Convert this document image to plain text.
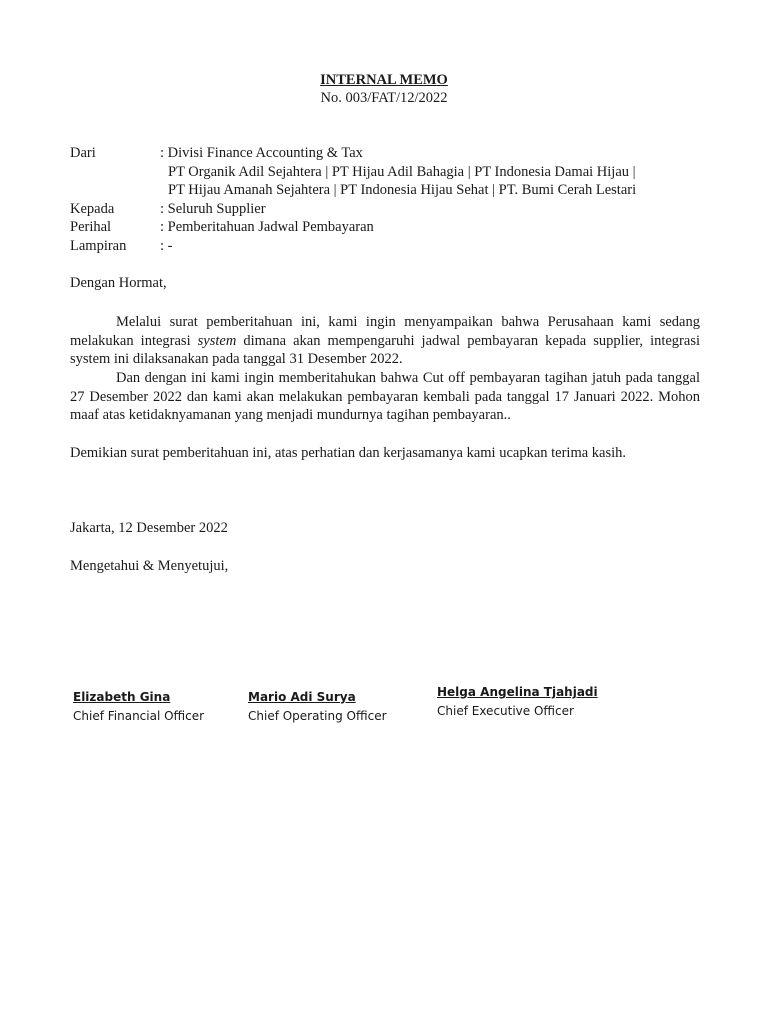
INTERNAL MEMO
No. 003/FAT/12/2022
Dari	: Divisi Finance Accounting & Tax
PT Organik Adil Sejahtera | PT Hijau Adil Bahagia | PT Indonesia Damai Hijau |
PT Hijau Amanah Sejahtera | PT Indonesia Hijau Sehat | PT. Bumi Cerah Lestari
Kepada	: Seluruh Supplier
Perihal	: Pemberitahuan Jadwal Pembayaran
Lampiran : -
Dengan Hormat,
Melalui surat pemberitahuan ini, kami ingin menyampaikan bahwa Perusahaan kami sedang melakukan integrasi system dimana akan mempengaruhi jadwal pembayaran kepada supplier, integrasi system ini dilaksanakan pada tanggal 31 Desember 2022.
Dan dengan ini kami ingin memberitahukan bahwa Cut off pembayaran tagihan jatuh pada tanggal 27 Desember 2022 dan kami akan melakukan pembayaran kembali pada tanggal 17 Januari 2022. Mohon maaf atas ketidaknyamanan yang menjadi mundurnya tagihan pembayaran..
Demikian surat pemberitahuan ini, atas perhatian dan kerjasamanya kami ucapkan terima kasih.
Jakarta, 12 Desember 2022
Mengetahui & Menyetujui,
Elizabeth Gina
Chief Financial Officer
Mario Adi Surya
Chief Operating Officer
Helga Angelina Tjahjadi
Chief Executive Officer
